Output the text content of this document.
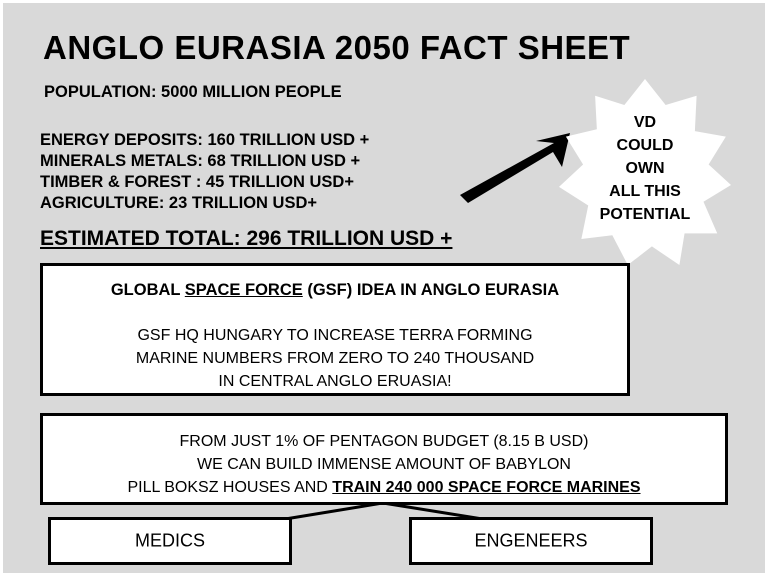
ANGLO EURASIA 2050 FACT SHEET
POPULATION: 5000 MILLION PEOPLE
ENERGY DEPOSITS: 160 TRILLION USD +
MINERALS METALS: 68 TRILLION USD +
TIMBER & FOREST : 45 TRILLION USD+
AGRICULTURE: 23 TRILLION USD+
ESTIMATED TOTAL: 296 TRILLION USD +
VD
COULD
OWN
ALL THIS
POTENTIAL
GLOBAL SPACE FORCE (GSF) IDEA IN ANGLO EURASIA
GSF HQ HUNGARY TO INCREASE TERRA FORMING
MARINE NUMBERS FROM ZERO TO 240 THOUSAND
IN CENTRAL ANGLO ERUASIA!
FROM JUST 1% OF PENTAGON BUDGET (8.15 B USD)
WE CAN BUILD IMMENSE AMOUNT OF BABYLON
PILL BOKSZ HOUSES AND TRAIN 240 000 SPACE FORCE MARINES
MEDICS	ENGENEERS
